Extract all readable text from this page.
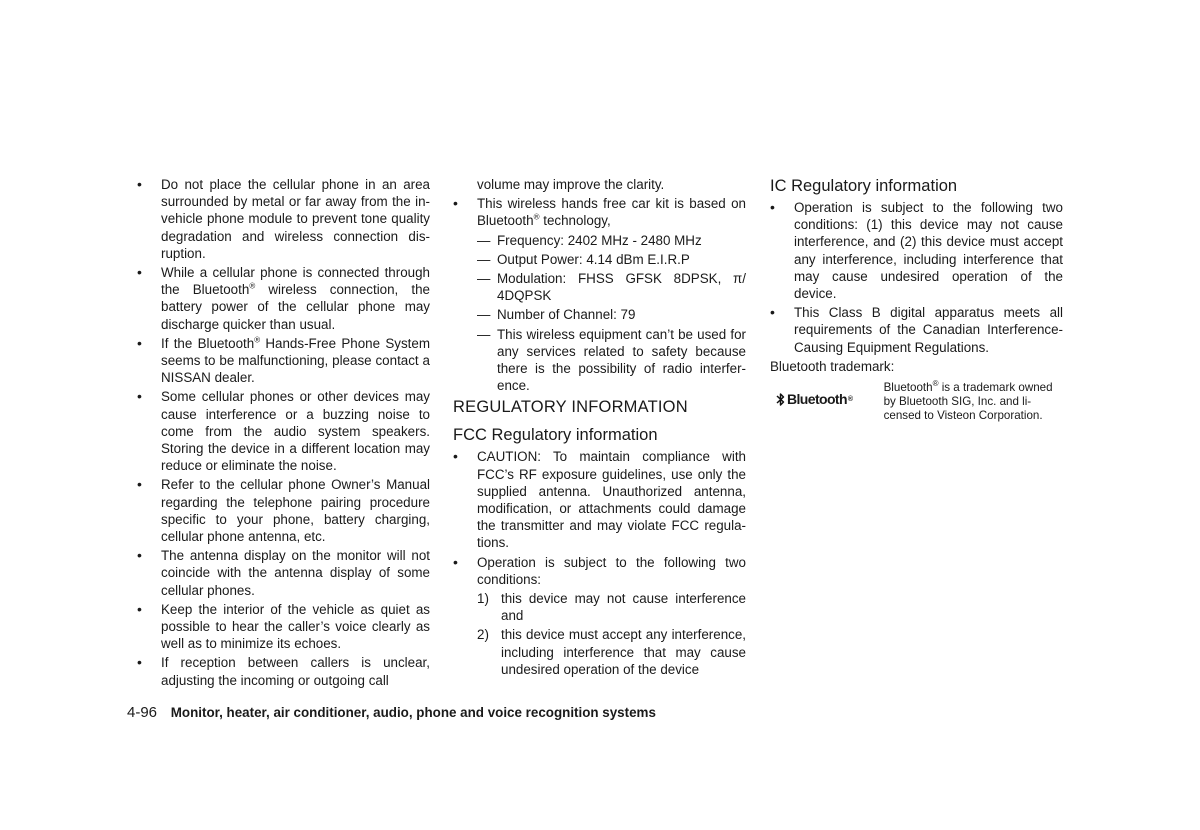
• Do not place the cellular phone in an area surrounded by metal or far away from the in-vehicle phone module to prevent tone quality degradation and wireless connection dis-ruption.

• While a cellular phone is connected through the Bluetooth® wireless connection, the battery power of the cellular phone may discharge quicker than usual.

• If the Bluetooth® Hands-Free Phone System seems to be malfunctioning, please contact a NISSAN dealer.

• Some cellular phones or other devices may cause interference or a buzzing noise to come from the audio system speakers. Storing the device in a different location may reduce or eliminate the noise.

• Refer to the cellular phone Owner’s Manual regarding the telephone pairing procedure specific to your phone, battery charging, cellular phone antenna, etc.

• The antenna display on the monitor will not coincide with the antenna display of some cellular phones.

• Keep the interior of the vehicle as quiet as possible to hear the caller’s voice clearly as well as to minimize its echoes.

• If reception between callers is unclear, adjusting the incoming or outgoing call

volume may improve the clarity.

• This wireless hands free car kit is based on Bluetooth® technology,

— Frequency: 2402 MHz - 2480 MHz

— Output Power: 4.14 dBm E.I.R.P

— Modulation: FHSS GFSK 8DPSK, π/ 4DQPSK

— Number of Channel: 79

— This wireless equipment can’t be used for any services related to safety because there is the possibility of radio interfer-ence.

REGULATORY INFORMATION
FCC Regulatory information

• CAUTION: To maintain compliance with FCC’s RF exposure guidelines, use only the supplied antenna. Unauthorized antenna, modification, or attachments could damage the transmitter and may violate FCC regula-tions.

• Operation is subject to the following two conditions:

1) this device may not cause interference and

2) this device must accept any interference, including interference that may cause undesired operation of the device

IC Regulatory information

• Operation is subject to the following two conditions: (1) this device may not cause interference, and (2) this device must accept any interference, including interference that may cause undesired operation of the device.

• This Class B digital apparatus meets all requirements of the Canadian Interference-Causing Equipment Regulations.

Bluetooth trademark:

Bluetooth ®
Bluetooth® is a trademark owned by Bluetooth SIG, Inc. and li-censed to Visteon Corporation.
4-96 Monitor, heater, air conditioner, audio, phone and voice recognition systems
